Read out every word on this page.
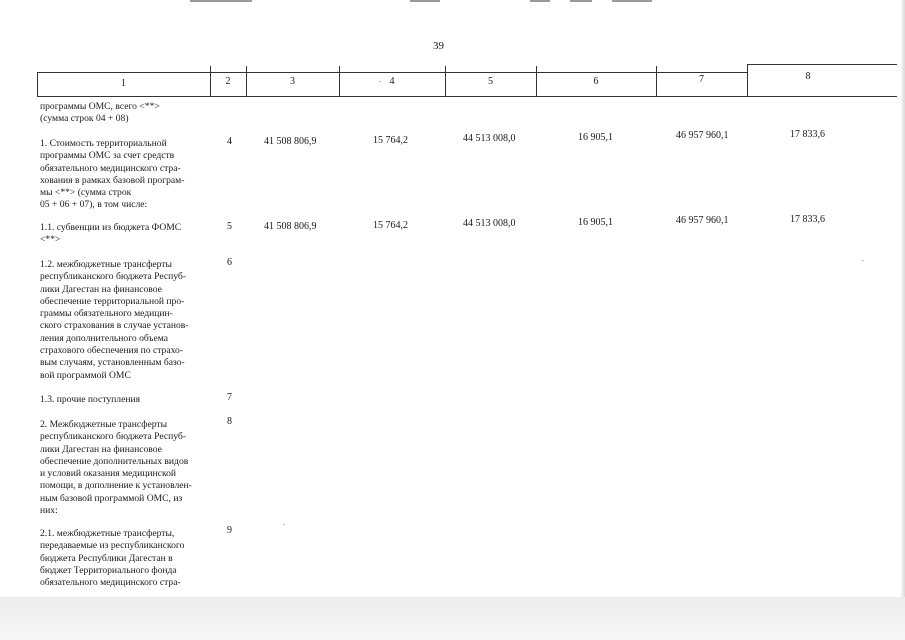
39
1	2	3	4	5	6	7	8
программы ОМС, всего <**>
(сумма строк 04 + 08)
1. Стоимость территориальной
программы ОМС за счет средств
обязательного медицинского стра-
хования в рамках базовой програм-
мы <**> (сумма строк
05 + 06 + 07), в том числе:
4	41 508 806,9	15 764,2	44 513 008,0	16 905,1	46 957 960,1	17 833,6
1.1. субвенции из бюджета ФОМС
<**>
5	41 508 806,9	15 764,2	44 513 008,0	16 905,1	46 957 960,1	17 833,6
1.2. межбюджетные трансферты
республиканского бюджета Респуб-
лики Дагестан на финансовое
обеспечение территориальной про-
граммы обязательного медицин-
ского страхования в случае установ-
ления дополнительного объема
страхового обеспечения по страхо-
вым случаям, установленным базо-
вой программой ОМС
6
1.3. прочие поступления	7
2. Межбюджетные трансферты
республиканского бюджета Респуб-
лики Дагестан на финансовое
обеспечение дополнительных видов
и условий оказания медицинской
помощи, в дополнение к установлен-
ным базовой программой ОМС, из
них:
8
2.1. межбюджетные трансферты,
передаваемые из республиканского
бюджета Республики Дагестан в
бюджет Территориального фонда
обязательного медицинского стра-
9
